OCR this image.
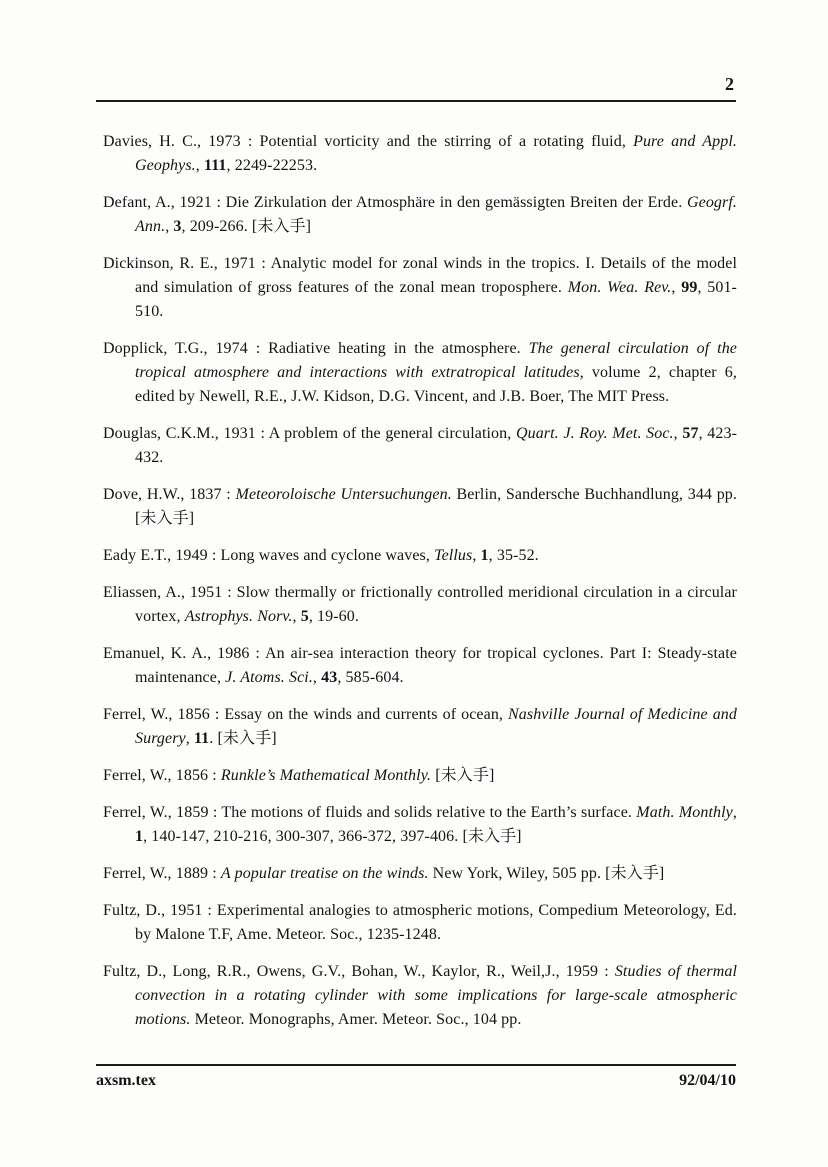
2

Davies, H. C., 1973 : Potential vorticity and the stirring of a rotating fluid, Pure and Appl. Geophys., 111, 2249-22253.

Defant, A., 1921 : Die Zirkulation der Atmosphäre in den gemässigten Breiten der Erde. Geogrf. Ann., 3, 209-266. [未入手]

Dickinson, R. E., 1971 : Analytic model for zonal winds in the tropics. I. Details of the model and simulation of gross features of the zonal mean troposphere. Mon. Wea. Rev., 99, 501-510.

Dopplick, T.G., 1974 : Radiative heating in the atmosphere. The general circulation of the tropical atmosphere and interactions with extratropical latitudes, volume 2, chapter 6, edited by Newell, R.E., J.W. Kidson, D.G. Vincent, and J.B. Boer, The MIT Press.

Douglas, C.K.M., 1931 : A problem of the general circulation, Quart. J. Roy. Met. Soc., 57, 423-432.

Dove, H.W., 1837 : Meteoroloische Untersuchungen. Berlin, Sandersche Buchhandlung, 344 pp. [未入手]

Eady E.T., 1949 : Long waves and cyclone waves, Tellus, 1, 35-52.

Eliassen, A., 1951 : Slow thermally or frictionally controlled meridional circulation in a circular vortex, Astrophys. Norv., 5, 19-60.

Emanuel, K. A., 1986 : An air-sea interaction theory for tropical cyclones. Part I: Steady-state maintenance, J. Atoms. Sci., 43, 585-604.

Ferrel, W., 1856 : Essay on the winds and currents of ocean, Nashville Journal of Medicine and Surgery, 11. [未入手]

Ferrel, W., 1856 : Runkle’s Mathematical Monthly. [未入手]

Ferrel, W., 1859 : The motions of fluids and solids relative to the Earth’s surface. Math. Monthly, 1, 140-147, 210-216, 300-307, 366-372, 397-406. [未入手]

Ferrel, W., 1889 : A popular treatise on the winds. New York, Wiley, 505 pp. [未入手]

Fultz, D., 1951 : Experimental analogies to atmospheric motions, Compedium Meteorology, Ed. by Malone T.F, Ame. Meteor. Soc., 1235-1248.

Fultz, D., Long, R.R., Owens, G.V., Bohan, W., Kaylor, R., Weil,J., 1959 : Studies of thermal convection in a rotating cylinder with some implications for large-scale atmospheric motions. Meteor. Monographs, Amer. Meteor. Soc., 104 pp.

axsm.tex	92/04/10
